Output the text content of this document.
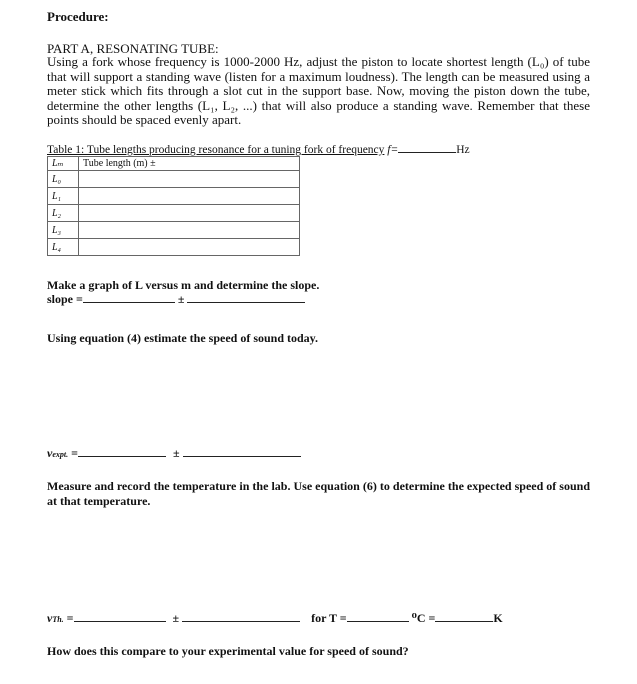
Procedure:
PART A, RESONATING TUBE:
Using a fork whose frequency is 1000-2000 Hz, adjust the piston to locate shortest length (L₀) of tube that will support a standing wave (listen for a maximum loudness). The length can be measured using a meter stick which fits through a slot cut in the support base. Now, moving the piston down the tube, determine the other lengths (L₁, L₂, ...) that will also produce a standing wave. Remember that these points should be spaced evenly apart.
Table 1: Tube lengths producing resonance for a tuning fork of frequency f=	Hz
Lₘ	Tube length (m) ±
L₀	
L₁	
L₂	
L₃	
L₄	
Make a graph of L versus m and determine the slope.
slope =	±
Using equation (4) estimate the speed of sound today.
vexpt. =	±
Measure and record the temperature in the lab. Use equation (6) to determine the expected speed of sound at that temperature.
vTh. =	±	for T =	⁰C =	K
How does this compare to your experimental value for speed of sound?
